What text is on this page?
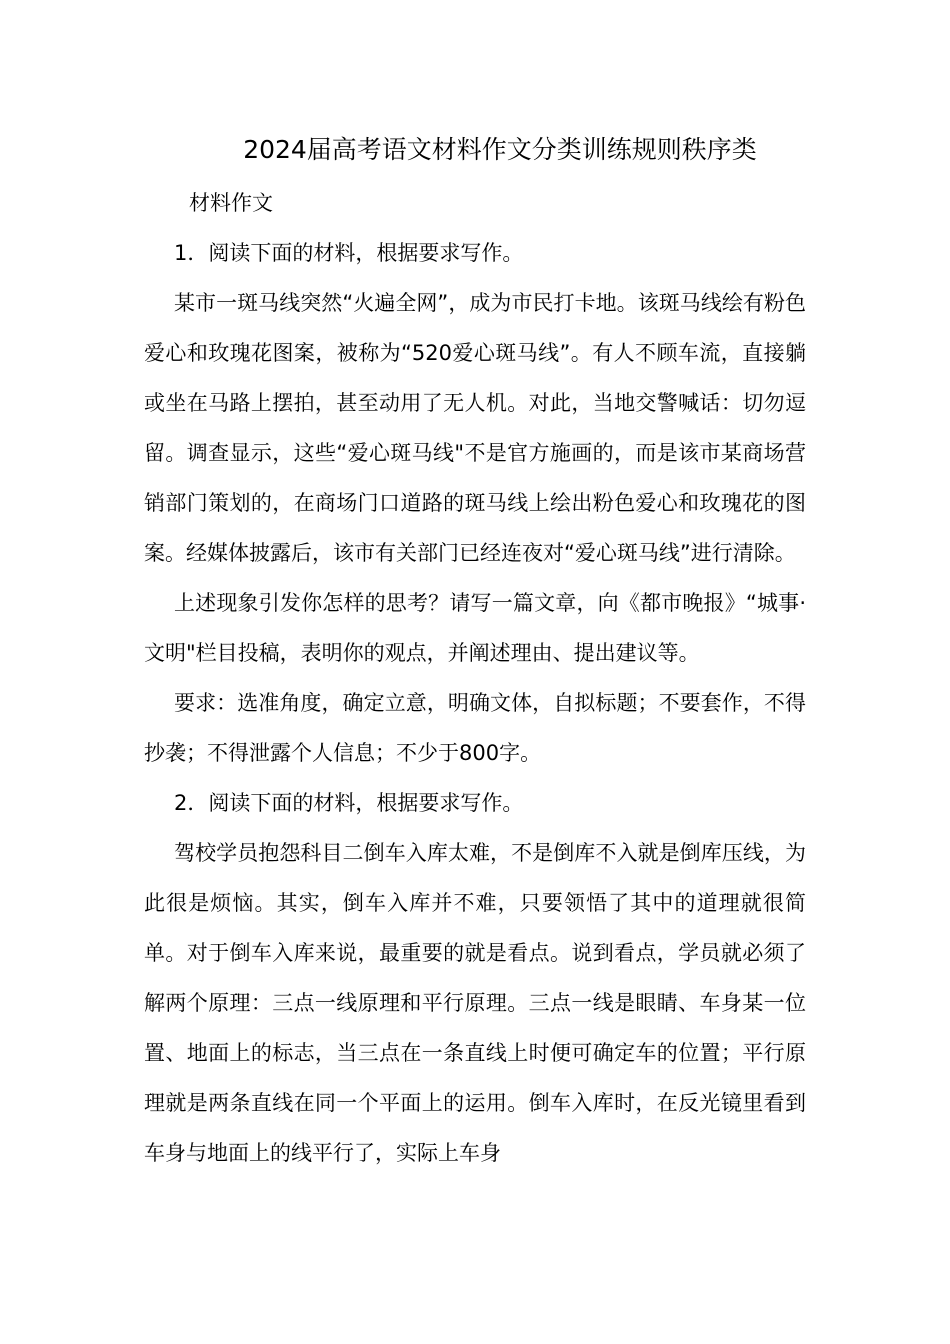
2024届高考语文材料作文分类训练规则秩序类

材料作文

1．阅读下面的材料，根据要求写作。

某市一斑马线突然“火遍全网”，成为市民打卡地。该斑马线绘有粉色爱心和玫瑰花图案，被称为“520爱心斑马线”。有人不顾车流，直接躺或坐在马路上摆拍，甚至动用了无人机。对此，当地交警喊话：切勿逗留。调查显示，这些“爱心斑马线"不是官方施画的，而是该市某商场营销部门策划的，在商场门口道路的斑马线上绘出粉色爱心和玫瑰花的图案。经媒体披露后，该市有关部门已经连夜对“爱心斑马线”进行清除。

上述现象引发你怎样的思考？请写一篇文章，向《都市晚报》“城事·文明"栏目投稿，表明你的观点，并阐述理由、提出建议等。

要求：选准角度，确定立意，明确文体，自拟标题；不要套作，不得抄袭；不得泄露个人信息；不少于800字。

2．阅读下面的材料，根据要求写作。

驾校学员抱怨科目二倒车入库太难，不是倒库不入就是倒库压线，为此很是烦恼。其实，倒车入库并不难，只要领悟了其中的道理就很简单。对于倒车入库来说，最重要的就是看点。说到看点，学员就必须了解两个原理：三点一线原理和平行原理。三点一线是眼睛、车身某一位置、地面上的标志，当三点在一条直线上时便可确定车的位置；平行原理就是两条直线在同一个平面上的运用。倒车入库时，在反光镜里看到车身与地面上的线平行了，实际上车身
